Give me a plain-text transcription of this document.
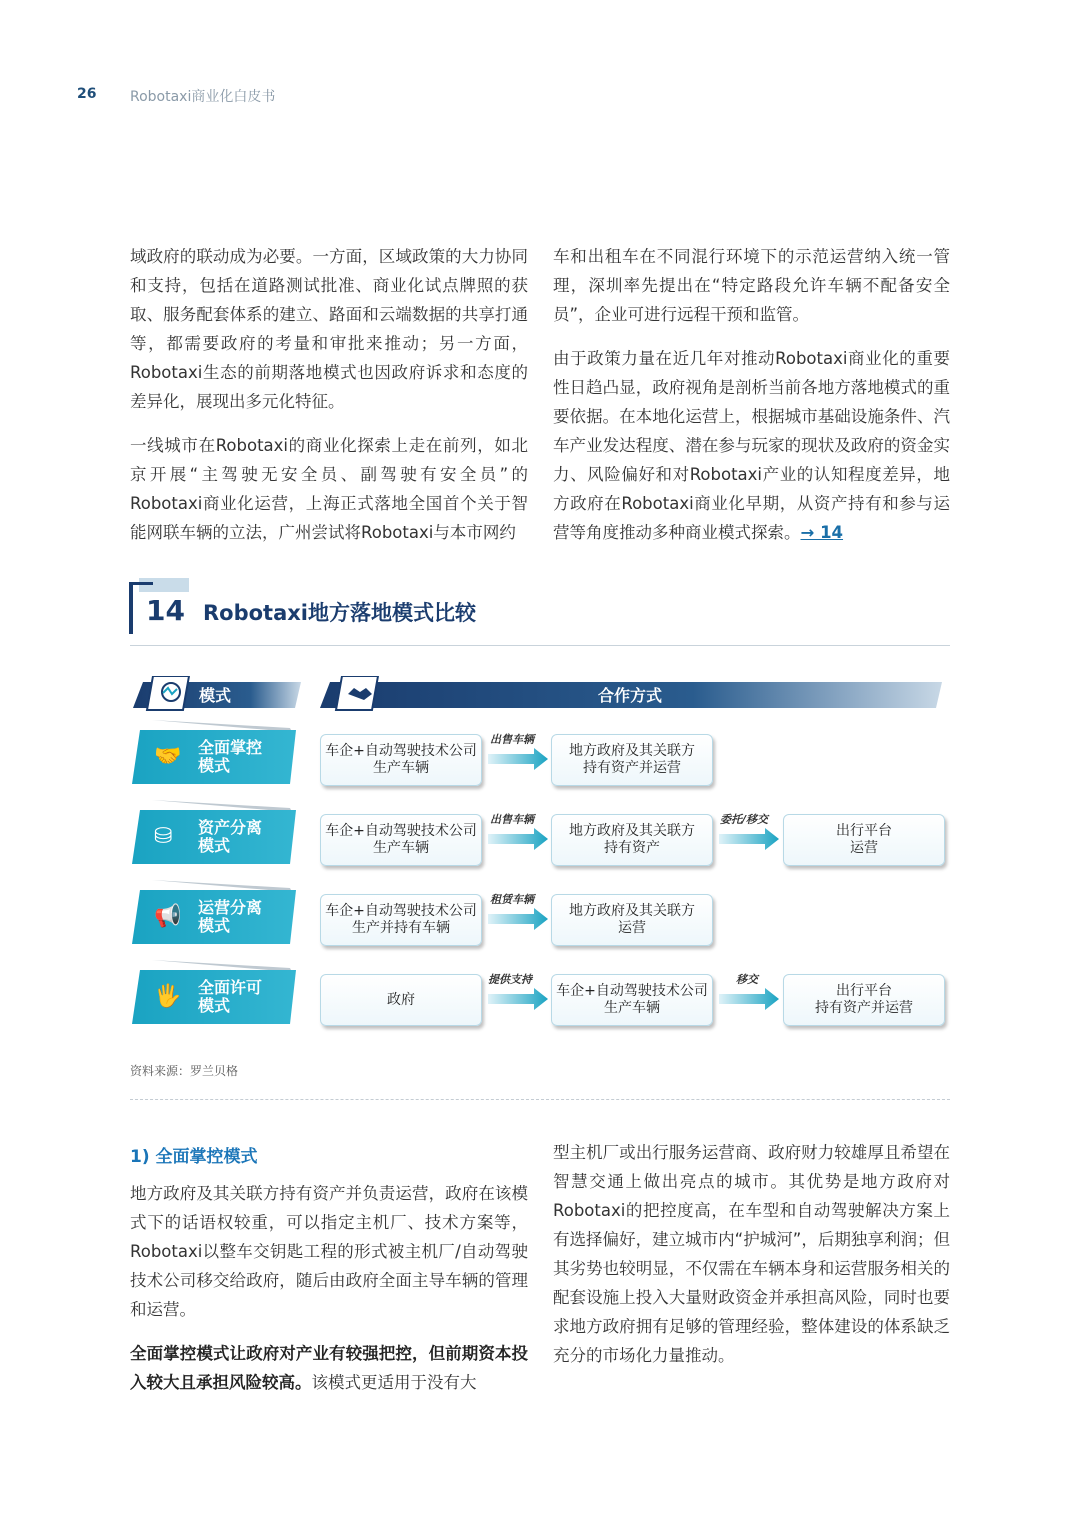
26 Robotaxi商业化白皮书

域政府的联动成为必要。一方面，区域政策的大力协同和支持，包括在道路测试批准、商业化试点牌照的获取、服务配套体系的建立、路面和云端数据的共享打通等，都需要政府的考量和审批来推动；另一方面，Robotaxi生态的前期落地模式也因政府诉求和态度的差异化，展现出多元化特征。

一线城市在Robotaxi的商业化探索上走在前列，如北京开展“主驾驶无安全员、副驾驶有安全员”的Robotaxi商业化运营，上海正式落地全国首个关于智能网联车辆的立法，广州尝试将Robotaxi与本市网约

车和出租车在不同混行环境下的示范运营纳入统一管理，深圳率先提出在“特定路段允许车辆不配备安全员”，企业可进行远程干预和监管。

由于政策力量在近几年对推动Robotaxi商业化的重要性日趋凸显，政府视角是剖析当前各地方落地模式的重要依据。在本地化运营上，根据城市基础设施条件、汽车产业发达程度、潜在参与玩家的现状及政府的资金实力、风险偏好和对Robotaxi产业的认知程度差异，地方政府在Robotaxi商业化早期，从资产持有和参与运营等角度推动多种商业模式探索。→ 14

14 Robotaxi地方落地模式比较
模式	合作方式
🤝 全面掌控
模式
车企+自动驾驶技术公司
生产车辆
出售车辆
地方政府及其关联方
持有资产并运营
⛁ 资产分离
模式
车企+自动驾驶技术公司
生产车辆
出售车辆
地方政府及其关联方
持有资产
委托/移交
出行平台
运营
📢 运营分离
模式
车企+自动驾驶技术公司
生产并持有车辆
租赁车辆
地方政府及其关联方
运营
🖐 全面许可
模式	政府
提供支持
车企+自动驾驶技术公司
生产车辆
移交
出行平台
持有资产并运营
资料来源：罗兰贝格
1) 全面掌控模式

地方政府及其关联方持有资产并负责运营，政府在该模式下的话语权较重，可以指定主机厂、技术方案等，Robotaxi以整车交钥匙工程的形式被主机厂/自动驾驶技术公司移交给政府，随后由政府全面主导车辆的管理和运营。

全面掌控模式让政府对产业有较强把控，但前期资本投入较大且承担风险较高。该模式更适用于没有大

型主机厂或出行服务运营商、政府财力较雄厚且希望在智慧交通上做出亮点的城市。其优势是地方政府对Robotaxi的把控度高，在车型和自动驾驶解决方案上有选择偏好，建立城市内“护城河”，后期独享利润；但其劣势也较明显，不仅需在车辆本身和运营服务相关的配套设施上投入大量财政资金并承担高风险，同时也要求地方政府拥有足够的管理经验，整体建设的体系缺乏充分的市场化力量推动。
